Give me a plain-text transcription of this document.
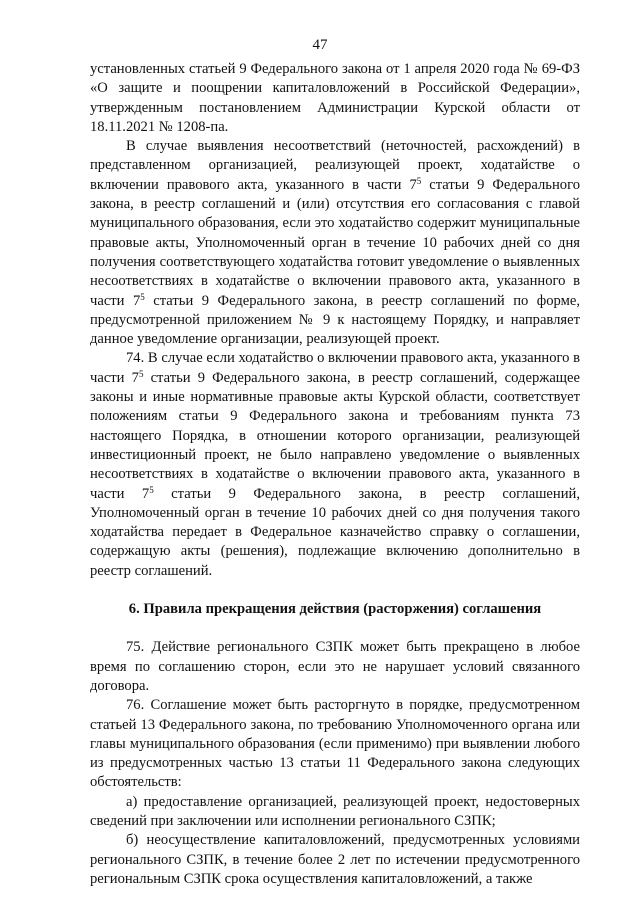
47

установленных статьей 9 Федерального закона от 1 апреля 2020 года № 69-ФЗ «О защите и поощрении капиталовложений в Российской Федерации», утвержденным постановлением Администрации Курской области от 18.11.2021 № 1208-па.

В случае выявления несоответствий (неточностей, расхождений) в представленном организацией, реализующей проект, ходатайстве о включении правового акта, указанного в части $7^5$ статьи 9 Федерального закона, в реестр соглашений и (или) отсутствия его согласования с главой муниципального образования, если это ходатайство содержит муниципальные правовые акты, Уполномоченный орган в течение 10 рабочих дней со дня получения соответствующего ходатайства готовит уведомление о выявленных несоответствиях в ходатайстве о включении правового акта, указанного в части $7^5$ статьи 9 Федерального закона, в реестр соглашений по форме, предусмотренной приложением № 9 к настоящему Порядку, и направляет данное уведомление организации, реализующей проект.

74. В случае если ходатайство о включении правового акта, указанного в части $7^5$ статьи 9 Федерального закона, в реестр соглашений, содержащее законы и иные нормативные правовые акты Курской области, соответствует положениям статьи 9 Федерального закона и требованиям пункта 73 настоящего Порядка, в отношении которого организации, реализующей инвестиционный проект, не было направлено уведомление о выявленных несоответствиях в ходатайстве о включении правового акта, указанного в части $7^5$ статьи 9 Федерального закона, в реестр соглашений, Уполномоченный орган в течение 10 рабочих дней со дня получения такого ходатайства передает в Федеральное казначейство справку о соглашении, содержащую акты (решения), подлежащие включению дополнительно в реестр соглашений.

6. Правила прекращения действия (расторжения) соглашения

75. Действие регионального СЗПК может быть прекращено в любое время по соглашению сторон, если это не нарушает условий связанного договора.

76. Соглашение может быть расторгнуто в порядке, предусмотренном статьей 13 Федерального закона, по требованию Уполномоченного органа или главы муниципального образования (если применимо) при выявлении любого из предусмотренных частью 13 статьи 11 Федерального закона следующих обстоятельств:

а) предоставление организацией, реализующей проект, недостоверных сведений при заключении или исполнении регионального СЗПК;

б) неосуществление капиталовложений, предусмотренных условиями регионального СЗПК, в течение более 2 лет по истечении предусмотренного региональным СЗПК срока осуществления капиталовложений, а также
